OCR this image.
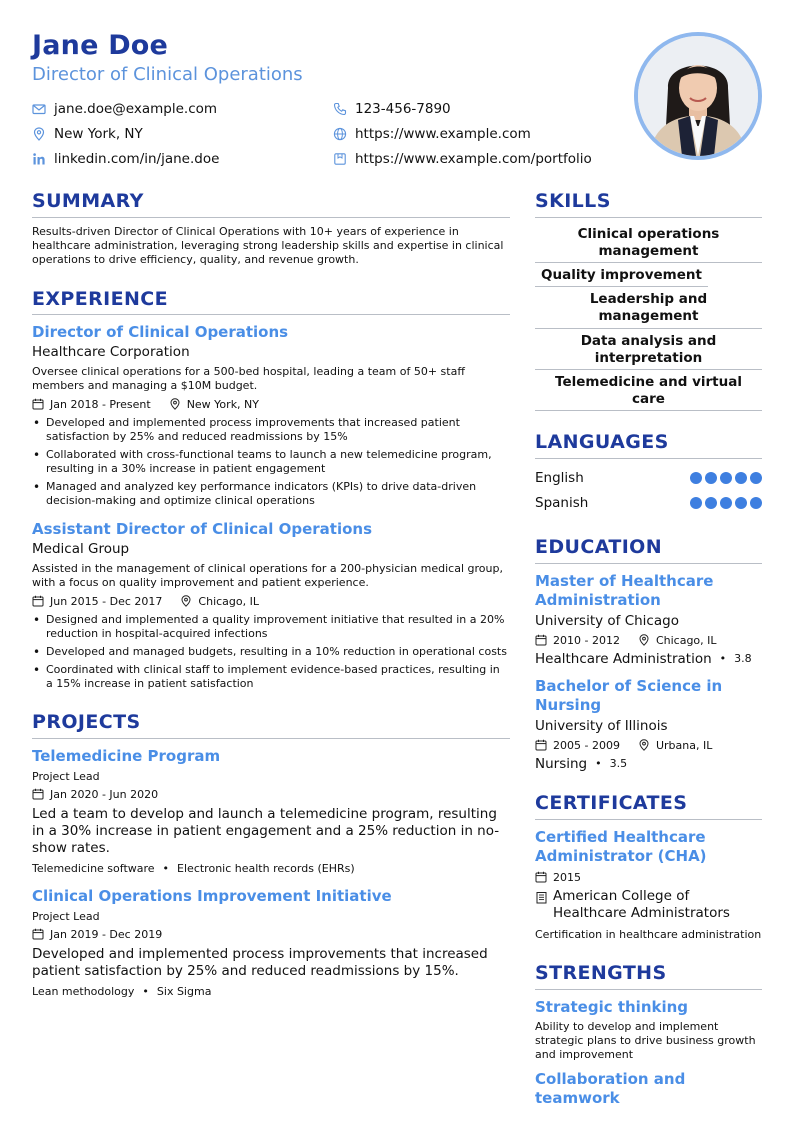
Jane Doe
Director of Clinical Operations
jane.doe@example.com	123-456-7890
New York, NY	https://www.example.com
linkedin.com/in/jane.doe	https://www.example.com/portfolio
SUMMARY
Results-driven Director of Clinical Operations with 10+ years of experience in healthcare administration, leveraging strong leadership skills and expertise in clinical operations to drive efficiency, quality, and revenue growth.
EXPERIENCE
Director of Clinical Operations
Healthcare Corporation
Oversee clinical operations for a 500-bed hospital, leading a team of 50+ staff members and managing a $10M budget.
Jan 2018 - Present	New York, NY
• Developed and implemented process improvements that increased patient satisfaction by 25% and reduced readmissions by 15%
• Collaborated with cross-functional teams to launch a new telemedicine program, resulting in a 30% increase in patient engagement
• Managed and analyzed key performance indicators (KPIs) to drive data-driven decision-making and optimize clinical operations
Assistant Director of Clinical Operations
Medical Group
Assisted in the management of clinical operations for a 200-physician medical group, with a focus on quality improvement and patient experience.
Jun 2015 - Dec 2017	Chicago, IL
• Designed and implemented a quality improvement initiative that resulted in a 20% reduction in hospital-acquired infections
• Developed and managed budgets, resulting in a 10% reduction in operational costs
• Coordinated with clinical staff to implement evidence-based practices, resulting in a 15% increase in patient satisfaction
PROJECTS
Telemedicine Program
Project Lead
Jan 2020 - Jun 2020
Led a team to develop and launch a telemedicine program, resulting in a 30% increase in patient engagement and a 25% reduction in no-show rates.
Telemedicine software • Electronic health records (EHRs)
Clinical Operations Improvement Initiative
Project Lead
Jan 2019 - Dec 2019
Developed and implemented process improvements that increased patient satisfaction by 25% and reduced readmissions by 15%.
Lean methodology • Six Sigma
SKILLS
Clinical operations management
Quality improvement
Leadership and management
Data analysis and interpretation
Telemedicine and virtual care
LANGUAGES
English
Spanish
EDUCATION
Master of Healthcare Administration
University of Chicago
2010 - 2012	Chicago, IL
Healthcare Administration • 3.8
Bachelor of Science in Nursing
University of Illinois
2005 - 2009	Urbana, IL
Nursing • 3.5
CERTIFICATES
Certified Healthcare Administrator (CHA)
2015
American College of Healthcare Administrators
Certification in healthcare administration
STRENGTHS
Strategic thinking
Ability to develop and implement strategic plans to drive business growth and improvement
Collaboration and teamwork
